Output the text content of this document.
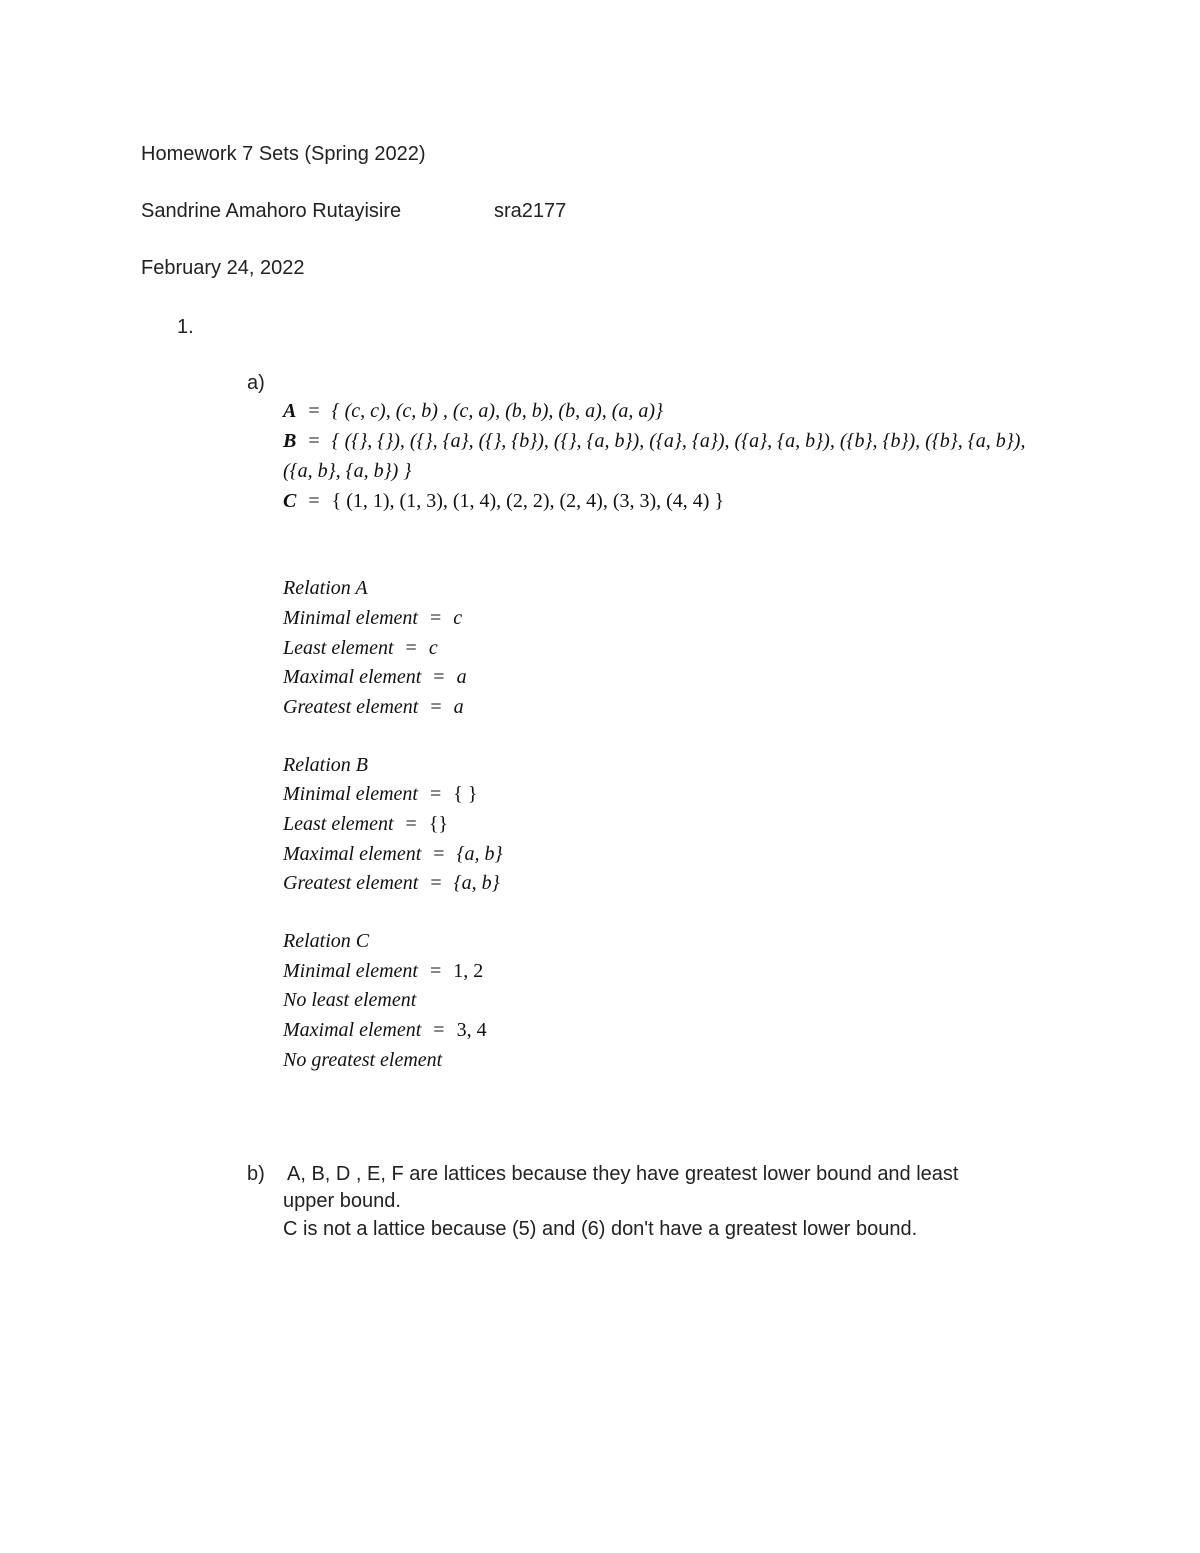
Homework 7 Sets (Spring 2022)
Sandrine Amahoro Rutayisire	sra2177
February 24, 2022
1.
a)
A = { (c, c), (c, b) , (c, a), (b, b), (b, a), (a, a)}
B = { ({}, {}), ({}, {a}, ({}, {b}), ({}, {a, b}), ({a}, {a}), ({a}, {a, b}), ({b}, {b}), ({b}, {a, b}),
({a, b}, {a, b}) }
C = { (1, 1), (1, 3), (1, 4), (2, 2), (2, 4), (3, 3), (4, 4) }
Relation A
Minimal element = c
Least element = c
Maximal element = a
Greatest element = a
Relation B
Minimal element = { }
Least element = {}
Maximal element = {a, b}
Greatest element = {a, b}
Relation C
Minimal element = 1, 2
No least element
Maximal element = 3, 4
No greatest element
b) A, B, D , E, F are lattices because they have greatest lower bound and least
upper bound.
C is not a lattice because (5) and (6) don't have a greatest lower bound.
